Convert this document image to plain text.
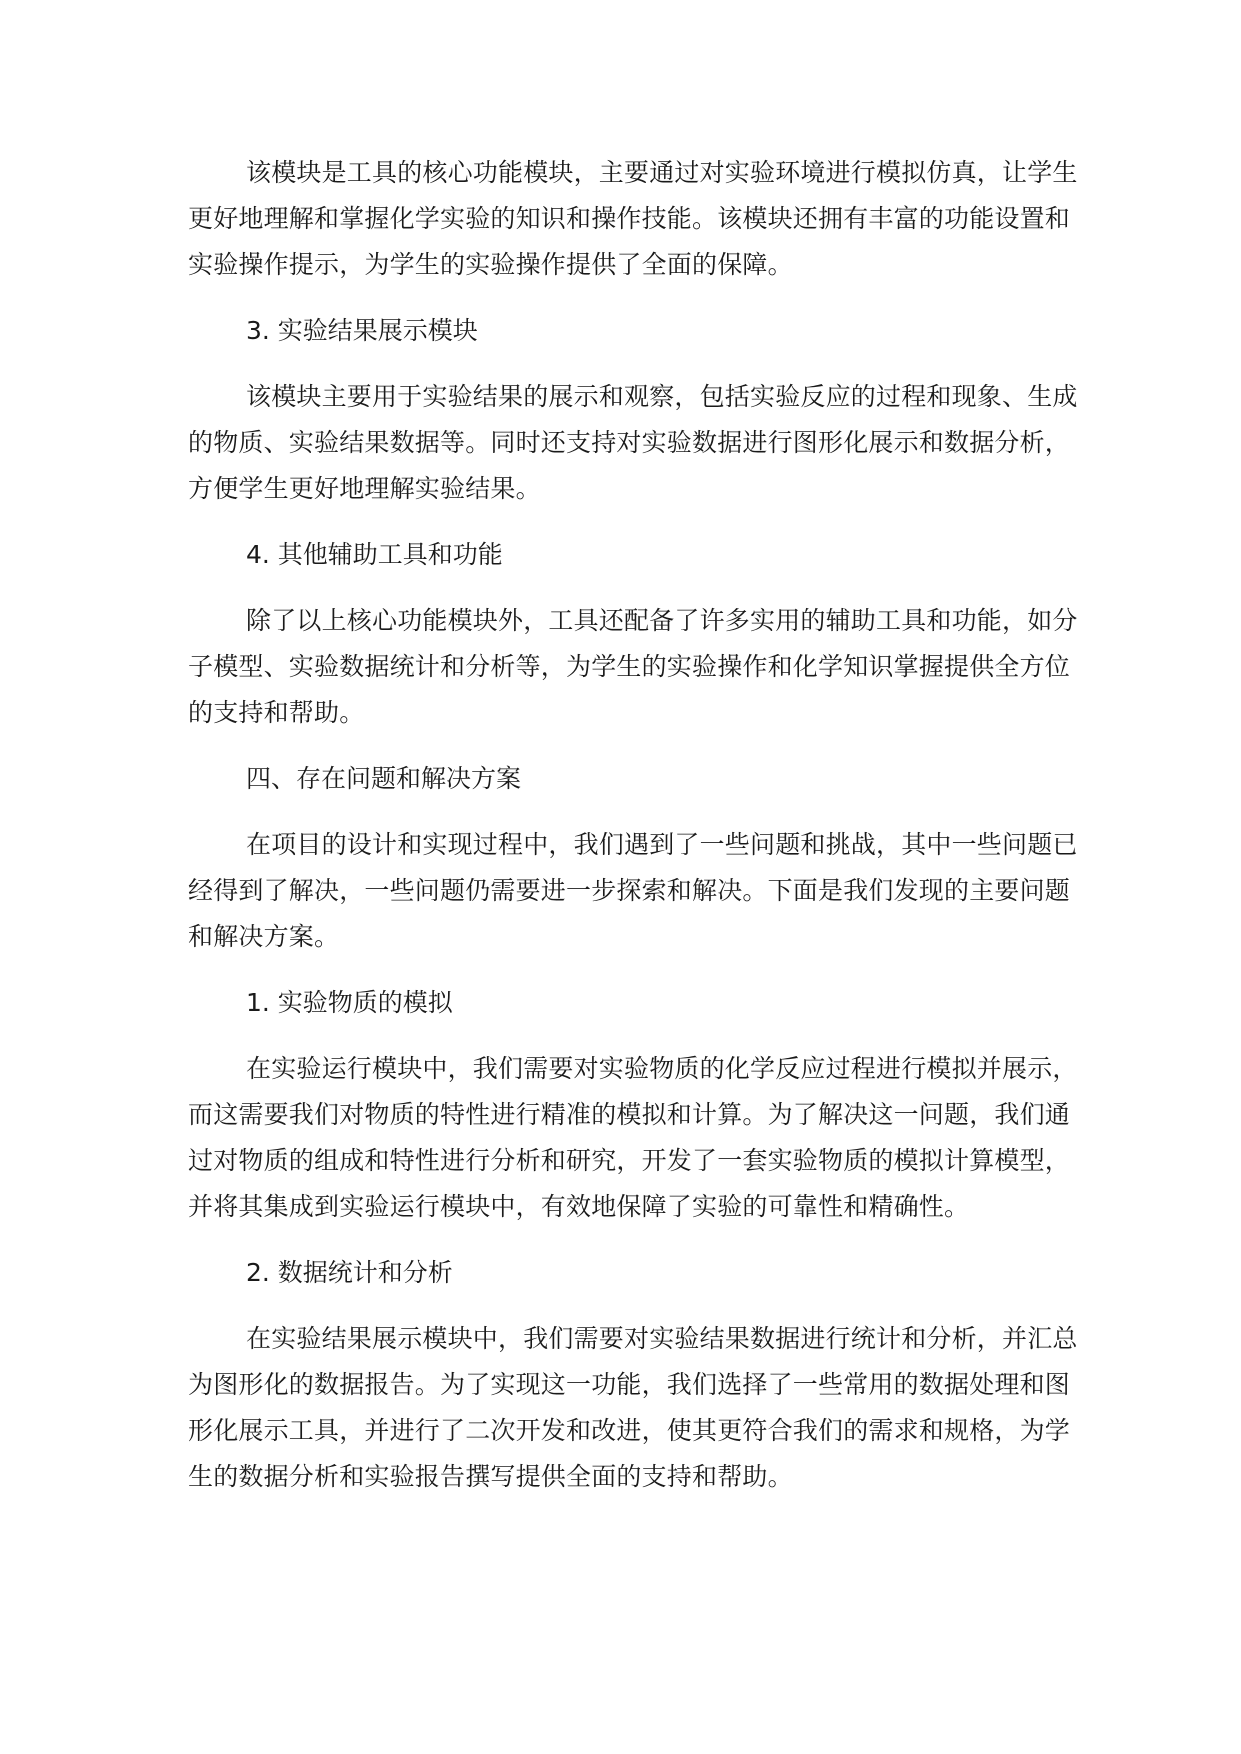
该模块是工具的核心功能模块，主要通过对实验环境进行模拟仿真，让学生更好地理解和掌握化学实验的知识和操作技能。该模块还拥有丰富的功能设置和实验操作提示，为学生的实验操作提供了全面的保障。

3. 实验结果展示模块

该模块主要用于实验结果的展示和观察，包括实验反应的过程和现象、生成的物质、实验结果数据等。同时还支持对实验数据进行图形化展示和数据分析，方便学生更好地理解实验结果。

4. 其他辅助工具和功能

除了以上核心功能模块外，工具还配备了许多实用的辅助工具和功能，如分子模型、实验数据统计和分析等，为学生的实验操作和化学知识掌握提供全方位的支持和帮助。

四、存在问题和解决方案

在项目的设计和实现过程中，我们遇到了一些问题和挑战，其中一些问题已经得到了解决，一些问题仍需要进一步探索和解决。下面是我们发现的主要问题和解决方案。

1. 实验物质的模拟

在实验运行模块中，我们需要对实验物质的化学反应过程进行模拟并展示，而这需要我们对物质的特性进行精准的模拟和计算。为了解决这一问题，我们通过对物质的组成和特性进行分析和研究，开发了一套实验物质的模拟计算模型，并将其集成到实验运行模块中，有效地保障了实验的可靠性和精确性。

2. 数据统计和分析

在实验结果展示模块中，我们需要对实验结果数据进行统计和分析，并汇总为图形化的数据报告。为了实现这一功能，我们选择了一些常用的数据处理和图形化展示工具，并进行了二次开发和改进，使其更符合我们的需求和规格，为学生的数据分析和实验报告撰写提供全面的支持和帮助。
